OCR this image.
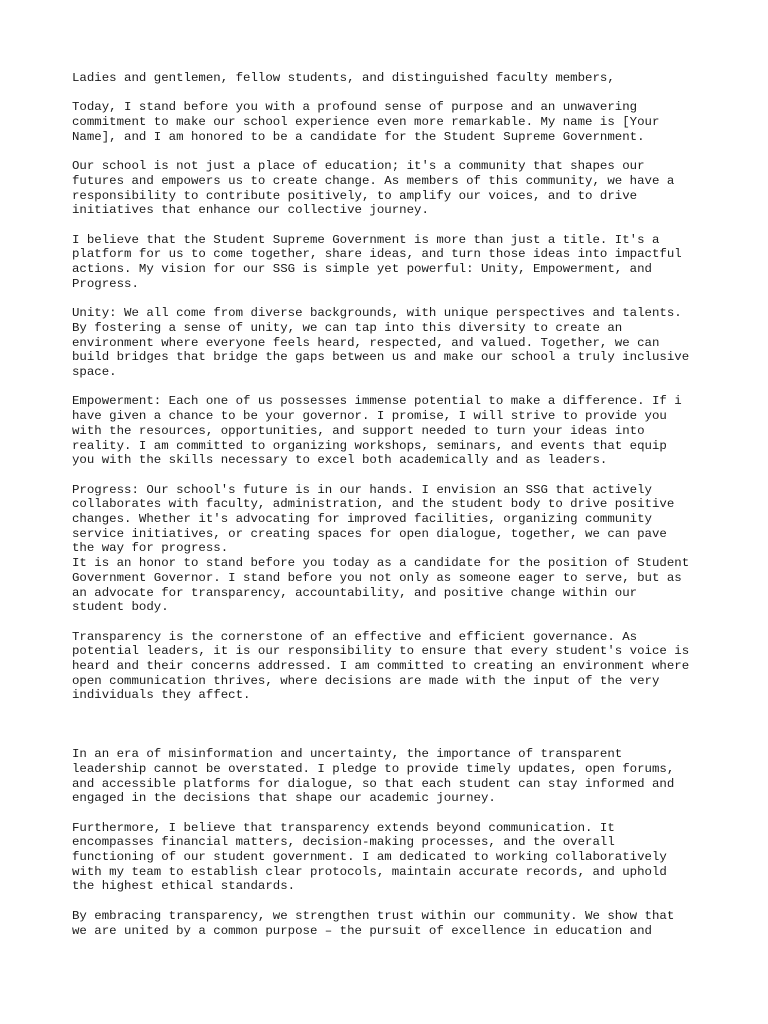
Ladies and gentlemen, fellow students, and distinguished faculty members,

Today, I stand before you with a profound sense of purpose and an unwavering
commitment to make our school experience even more remarkable. My name is [Your
Name], and I am honored to be a candidate for the Student Supreme Government.

Our school is not just a place of education; it's a community that shapes our
futures and empowers us to create change. As members of this community, we have a
responsibility to contribute positively, to amplify our voices, and to drive
initiatives that enhance our collective journey.

I believe that the Student Supreme Government is more than just a title. It's a
platform for us to come together, share ideas, and turn those ideas into impactful
actions. My vision for our SSG is simple yet powerful: Unity, Empowerment, and
Progress.

Unity: We all come from diverse backgrounds, with unique perspectives and talents.
By fostering a sense of unity, we can tap into this diversity to create an
environment where everyone feels heard, respected, and valued. Together, we can
build bridges that bridge the gaps between us and make our school a truly inclusive
space.

Empowerment: Each one of us possesses immense potential to make a difference. If i
have given a chance to be your governor. I promise, I will strive to provide you
with the resources, opportunities, and support needed to turn your ideas into
reality. I am committed to organizing workshops, seminars, and events that equip
you with the skills necessary to excel both academically and as leaders.

Progress: Our school's future is in our hands. I envision an SSG that actively
collaborates with faculty, administration, and the student body to drive positive
changes. Whether it's advocating for improved facilities, organizing community
service initiatives, or creating spaces for open dialogue, together, we can pave
the way for progress.
It is an honor to stand before you today as a candidate for the position of Student
Government Governor. I stand before you not only as someone eager to serve, but as
an advocate for transparency, accountability, and positive change within our
student body.

Transparency is the cornerstone of an effective and efficient governance. As
potential leaders, it is our responsibility to ensure that every student's voice is
heard and their concerns addressed. I am committed to creating an environment where
open communication thrives, where decisions are made with the input of the very
individuals they affect.

In an era of misinformation and uncertainty, the importance of transparent
leadership cannot be overstated. I pledge to provide timely updates, open forums,
and accessible platforms for dialogue, so that each student can stay informed and
engaged in the decisions that shape our academic journey.

Furthermore, I believe that transparency extends beyond communication. It
encompasses financial matters, decision-making processes, and the overall
functioning of our student government. I am dedicated to working collaboratively
with my team to establish clear protocols, maintain accurate records, and uphold
the highest ethical standards.

By embracing transparency, we strengthen trust within our community. We show that
we are united by a common purpose – the pursuit of excellence in education and
